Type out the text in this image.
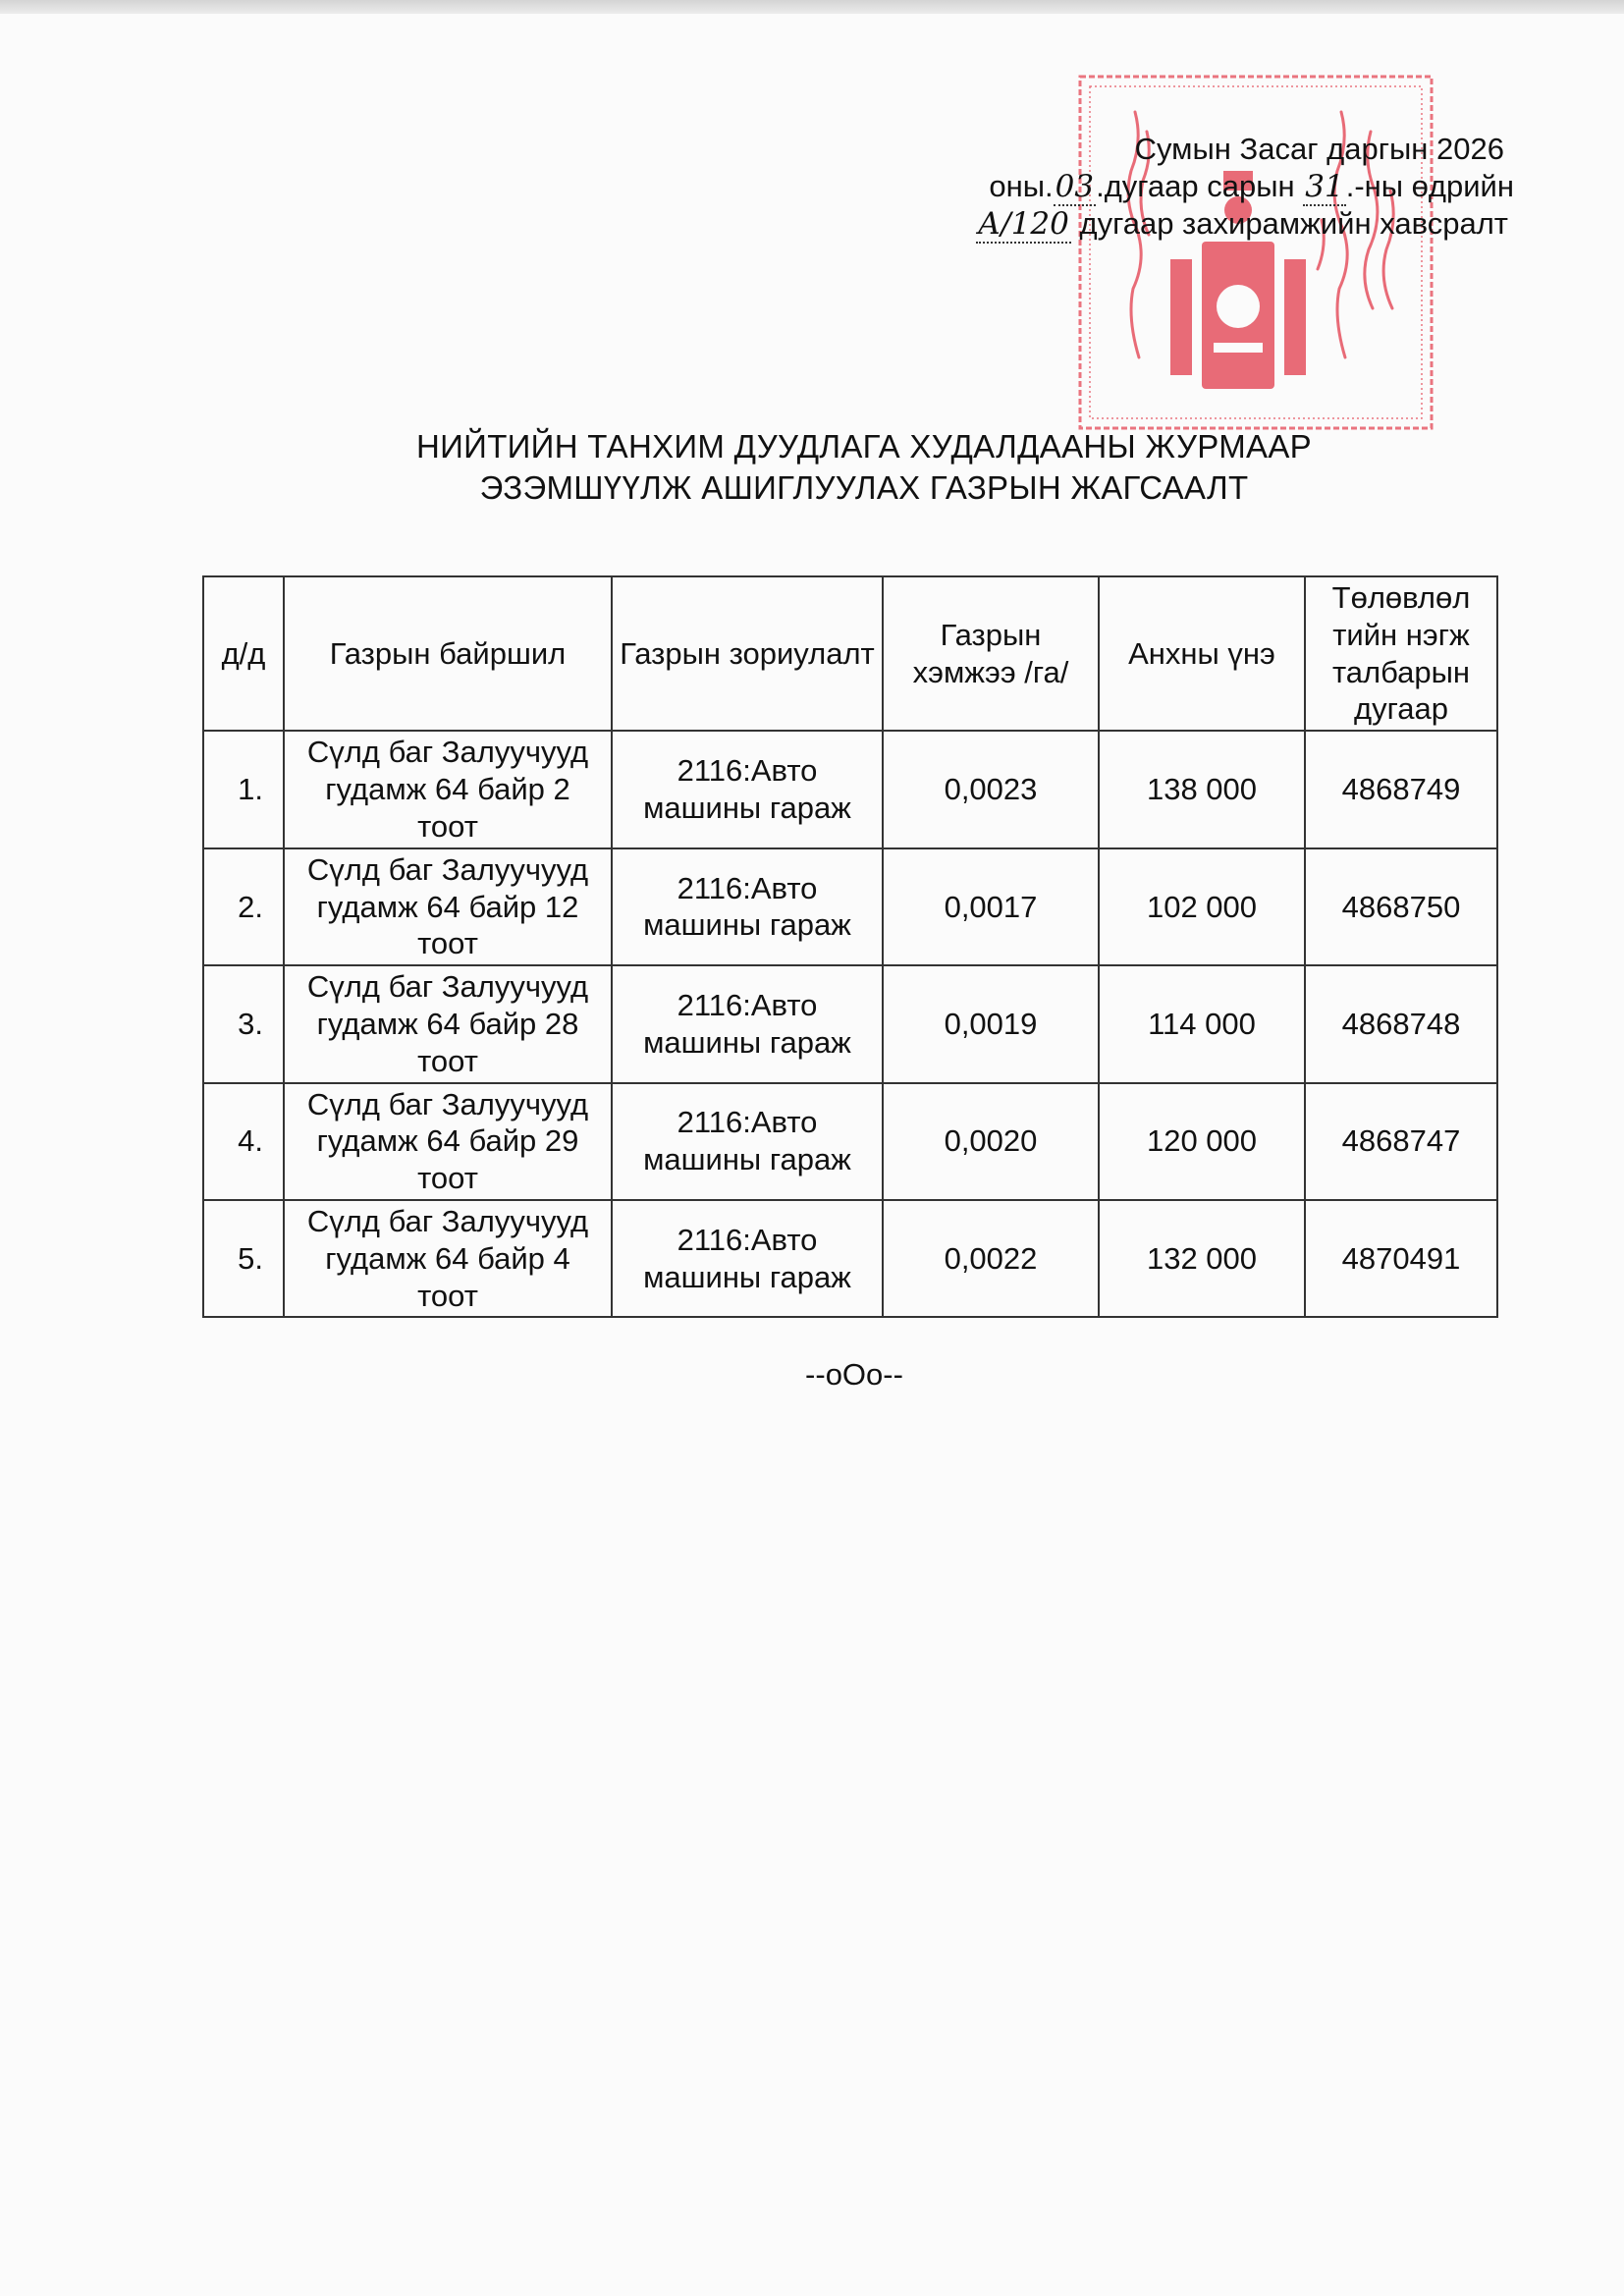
Сумын Засаг даргын 2026
оны.03.дугаар сарын 31.-ны өдрийн
А/120 дугаар захирамжийн хавсралт
НИЙТИЙН ТАНХИМ ДУУДЛАГА ХУДАЛДААНЫ ЖУРМААР
ЭЗЭМШҮҮЛЖ АШИГЛУУЛАХ ГАЗРЫН ЖАГСААЛТ
д/д	Газрын байршил	Газрын зориулалт	Газрын хэмжээ /га/	Анхны үнэ	Төлөвлөл тийн нэгж талбарын дугаар
1.	Сүлд баг Залуучууд гудамж 64 байр 2 тоот	2116:Авто машины гараж	0,0023	138 000	4868749
2.	Сүлд баг Залуучууд гудамж 64 байр 12 тоот	2116:Авто машины гараж	0,0017	102 000	4868750
3.	Сүлд баг Залуучууд гудамж 64 байр 28 тоот	2116:Авто машины гараж	0,0019	114 000	4868748
4.	Сүлд баг Залуучууд гудамж 64 байр 29 тоот	2116:Авто машины гараж	0,0020	120 000	4868747
5.	Сүлд баг Залуучууд гудамж 64 байр 4 тоот	2116:Авто машины гараж	0,0022	132 000	4870491
--oOo--
